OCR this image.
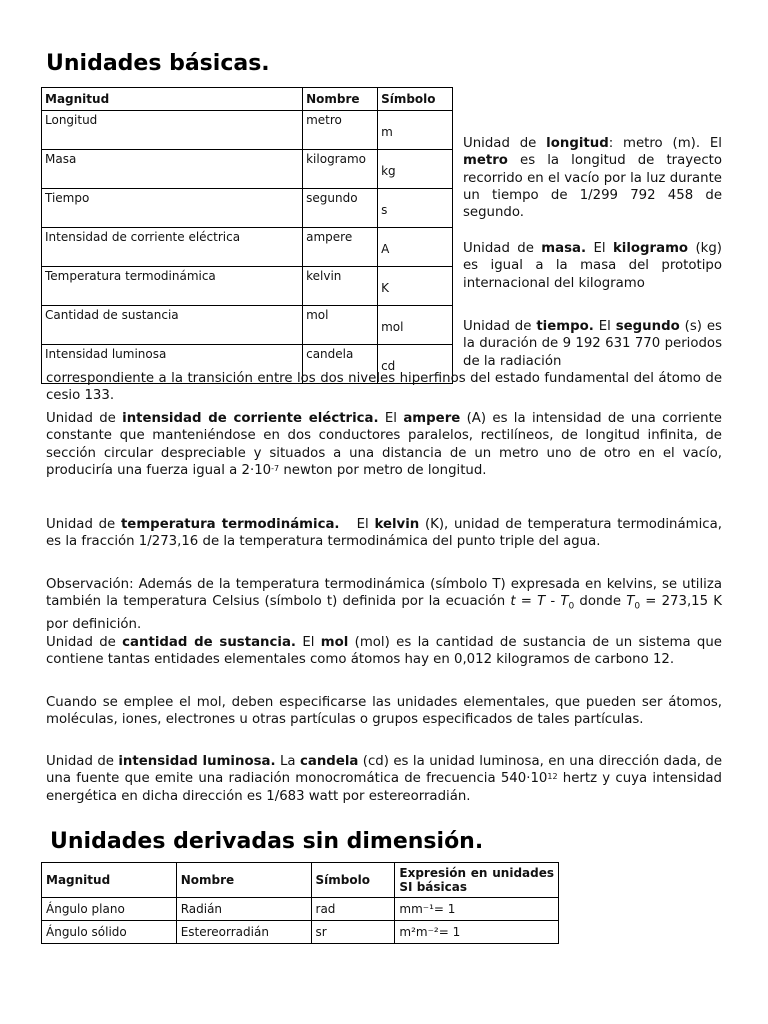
Unidades básicas.
Magnitud	Nombre	Símbolo
Longitud	metro	m
Masa	kilogramo	kg
Tiempo	segundo	s
Intensidad de corriente eléctrica	ampere	A
Temperatura termodinámica	kelvin	K
Cantidad de sustancia	mol	mol
Intensidad luminosa	candela	cd

Unidad de longitud: metro (m). El metro es la longitud de trayecto recorrido en el vacío por la luz durante un tiempo de 1/299 792 458 de segundo.

Unidad de masa. El kilogramo (kg) es igual a la masa del prototipo internacional del kilogramo

Unidad de tiempo. El segundo (s) es la duración de 9 192 631 770 periodos de la radiación

correspondiente a la transición entre los dos niveles hiperfinos del estado fundamental del átomo de cesio 133.

Unidad de intensidad de corriente eléctrica. El ampere (A) es la intensidad de una corriente constante que manteniéndose en dos conductores paralelos, rectilíneos, de longitud infinita, de sección circular despreciable y situados a una distancia de un metro uno de otro en el vacío, produciría una fuerza igual a $2\cdot 10^{-7}$ newton por metro de longitud.

Unidad de temperatura termodinámica.   El kelvin (K), unidad de temperatura termodinámica, es la fracción 1/273,16 de la temperatura termodinámica del punto triple del agua.

Observación: Además de la temperatura termodinámica (símbolo T) expresada en kelvins, se utiliza también la temperatura Celsius (símbolo t) definida por la ecuación $t = T - T_0$ donde $T_0 = 273,15$ K por definición.

Unidad de cantidad de sustancia. El mol (mol) es la cantidad de sustancia de un sistema que contiene tantas entidades elementales como átomos hay en 0,012 kilogramos de carbono 12.

Cuando se emplee el mol, deben especificarse las unidades elementales, que pueden ser átomos, moléculas, iones, electrones u otras partículas o grupos especificados de tales partículas.

Unidad de intensidad luminosa. La candela (cd) es la unidad luminosa, en una dirección dada, de una fuente que emite una radiación monocromática de frecuencia $540\cdot 10^{12}$ hertz y cuya intensidad energética en dicha dirección es 1/683 watt por estereorradián.

Unidades derivadas sin dimensión.
Magnitud	Nombre	Símbolo	Expresión en unidades SI básicas
Ángulo plano	Radián	rad	mm⁻¹= 1
Ángulo sólido	Estereorradián	sr	m²m⁻²= 1
